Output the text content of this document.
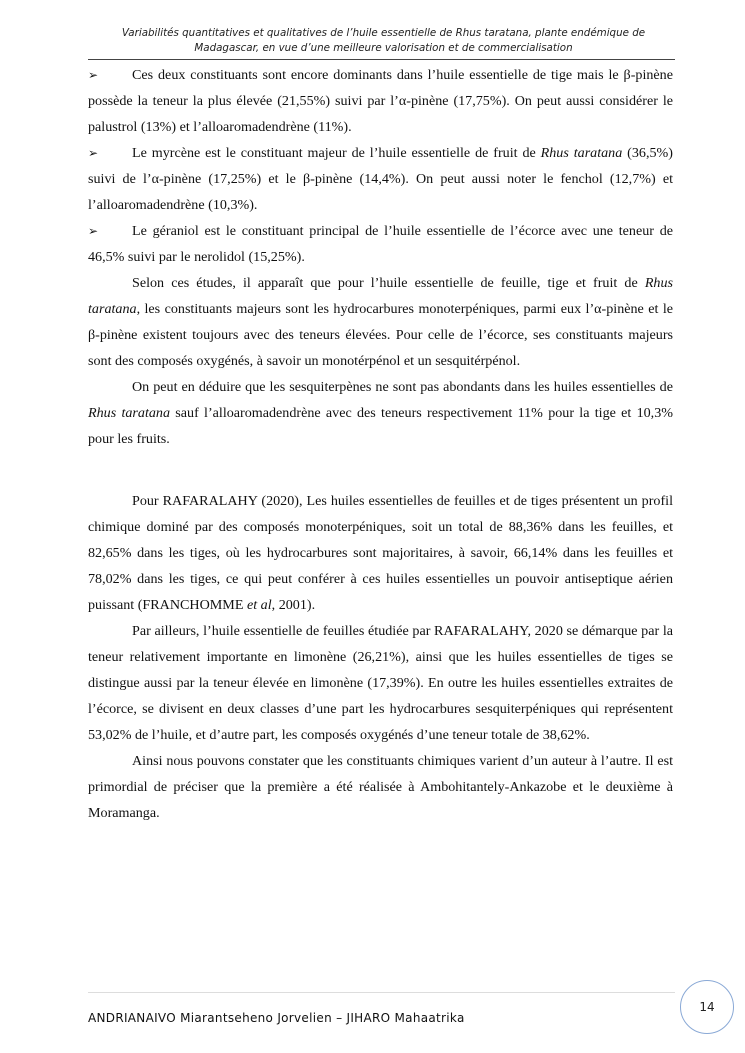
Variabilités quantitatives et qualitatives de l’huile essentielle de Rhus taratana, plante endémique de
Madagascar, en vue d’une meilleure valorisation et de commercialisation

➢ Ces deux constituants sont encore dominants dans l’huile essentielle de tige mais le β-pinène possède la teneur la plus élevée (21,55%) suivi par l’α-pinène (17,75%). On peut aussi considérer le palustrol (13%) et l’alloaromadendrène (11%).

➢ Le myrcène est le constituant majeur de l’huile essentielle de fruit de Rhus taratana (36,5%) suivi de l’α-pinène (17,25%) et le β-pinène (14,4%). On peut aussi noter le fenchol (12,7%) et l’alloaromadendrène (10,3%).

➢ Le géraniol est le constituant principal de l’huile essentielle de l’écorce avec une teneur de 46,5% suivi par le nerolidol (15,25%).

Selon ces études, il apparaît que pour l’huile essentielle de feuille, tige et fruit de Rhus taratana, les constituants majeurs sont les hydrocarbures monoterpéniques, parmi eux l’α-pinène et le β-pinène existent toujours avec des teneurs élevées. Pour celle de l’écorce, ses constituants majeurs sont des composés oxygénés, à savoir un monotérpénol et un sesquitérpénol.

On peut en déduire que les sesquiterpènes ne sont pas abondants dans les huiles essentielles de Rhus taratana sauf l’alloaromadendrène avec des teneurs respectivement 11% pour la tige et 10,3% pour les fruits.

Pour RAFARALAHY (2020), Les huiles essentielles de feuilles et de tiges présentent un profil chimique dominé par des composés monoterpéniques, soit un total de 88,36% dans les feuilles, et 82,65% dans les tiges, où les hydrocarbures sont majoritaires, à savoir, 66,14% dans les feuilles et 78,02% dans les tiges, ce qui peut conférer à ces huiles essentielles un pouvoir antiseptique aérien puissant (FRANCHOMME et al, 2001).

Par ailleurs, l’huile essentielle de feuilles étudiée par RAFARALAHY, 2020 se démarque par la teneur relativement importante en limonène (26,21%), ainsi que les huiles essentielles de tiges se distingue aussi par la teneur élevée en limonène (17,39%). En outre les huiles essentielles extraites de l’écorce, se divisent en deux classes d’une part les hydrocarbures sesquiterpéniques qui représentent 53,02% de l’huile, et d’autre part, les composés oxygénés d’une teneur totale de 38,62%.

Ainsi nous pouvons constater que les constituants chimiques varient d’un auteur à l’autre. Il est primordial de préciser que la première a été réalisée à Ambohitantely-Ankazobe et le deuxième à Moramanga.

ANDRIANAIVO Miarantseheno Jorvelien – JIHARO Mahaatrika
14
